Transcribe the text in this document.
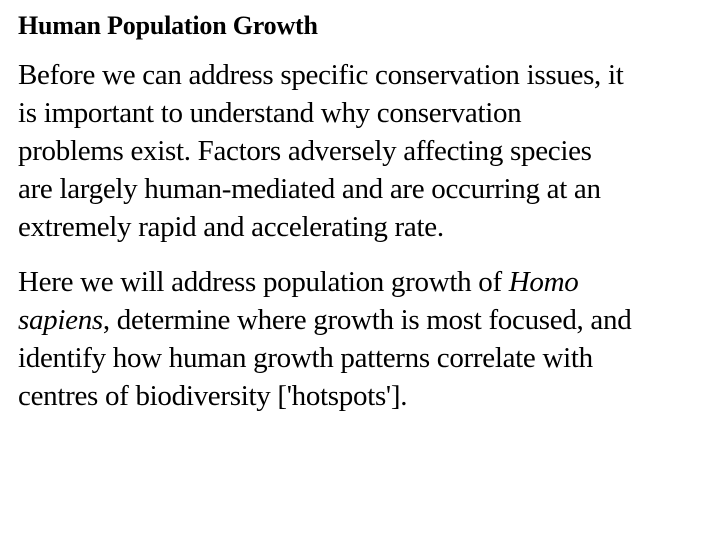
Human Population Growth

Before we can address specific conservation issues, it
is important to understand why conservation
problems exist. Factors adversely affecting species
are largely human-mediated and are occurring at an
extremely rapid and accelerating rate.

Here we will address population growth of Homo
sapiens, determine where growth is most focused, and
identify how human growth patterns correlate with
centres of biodiversity ['hotspots'].
